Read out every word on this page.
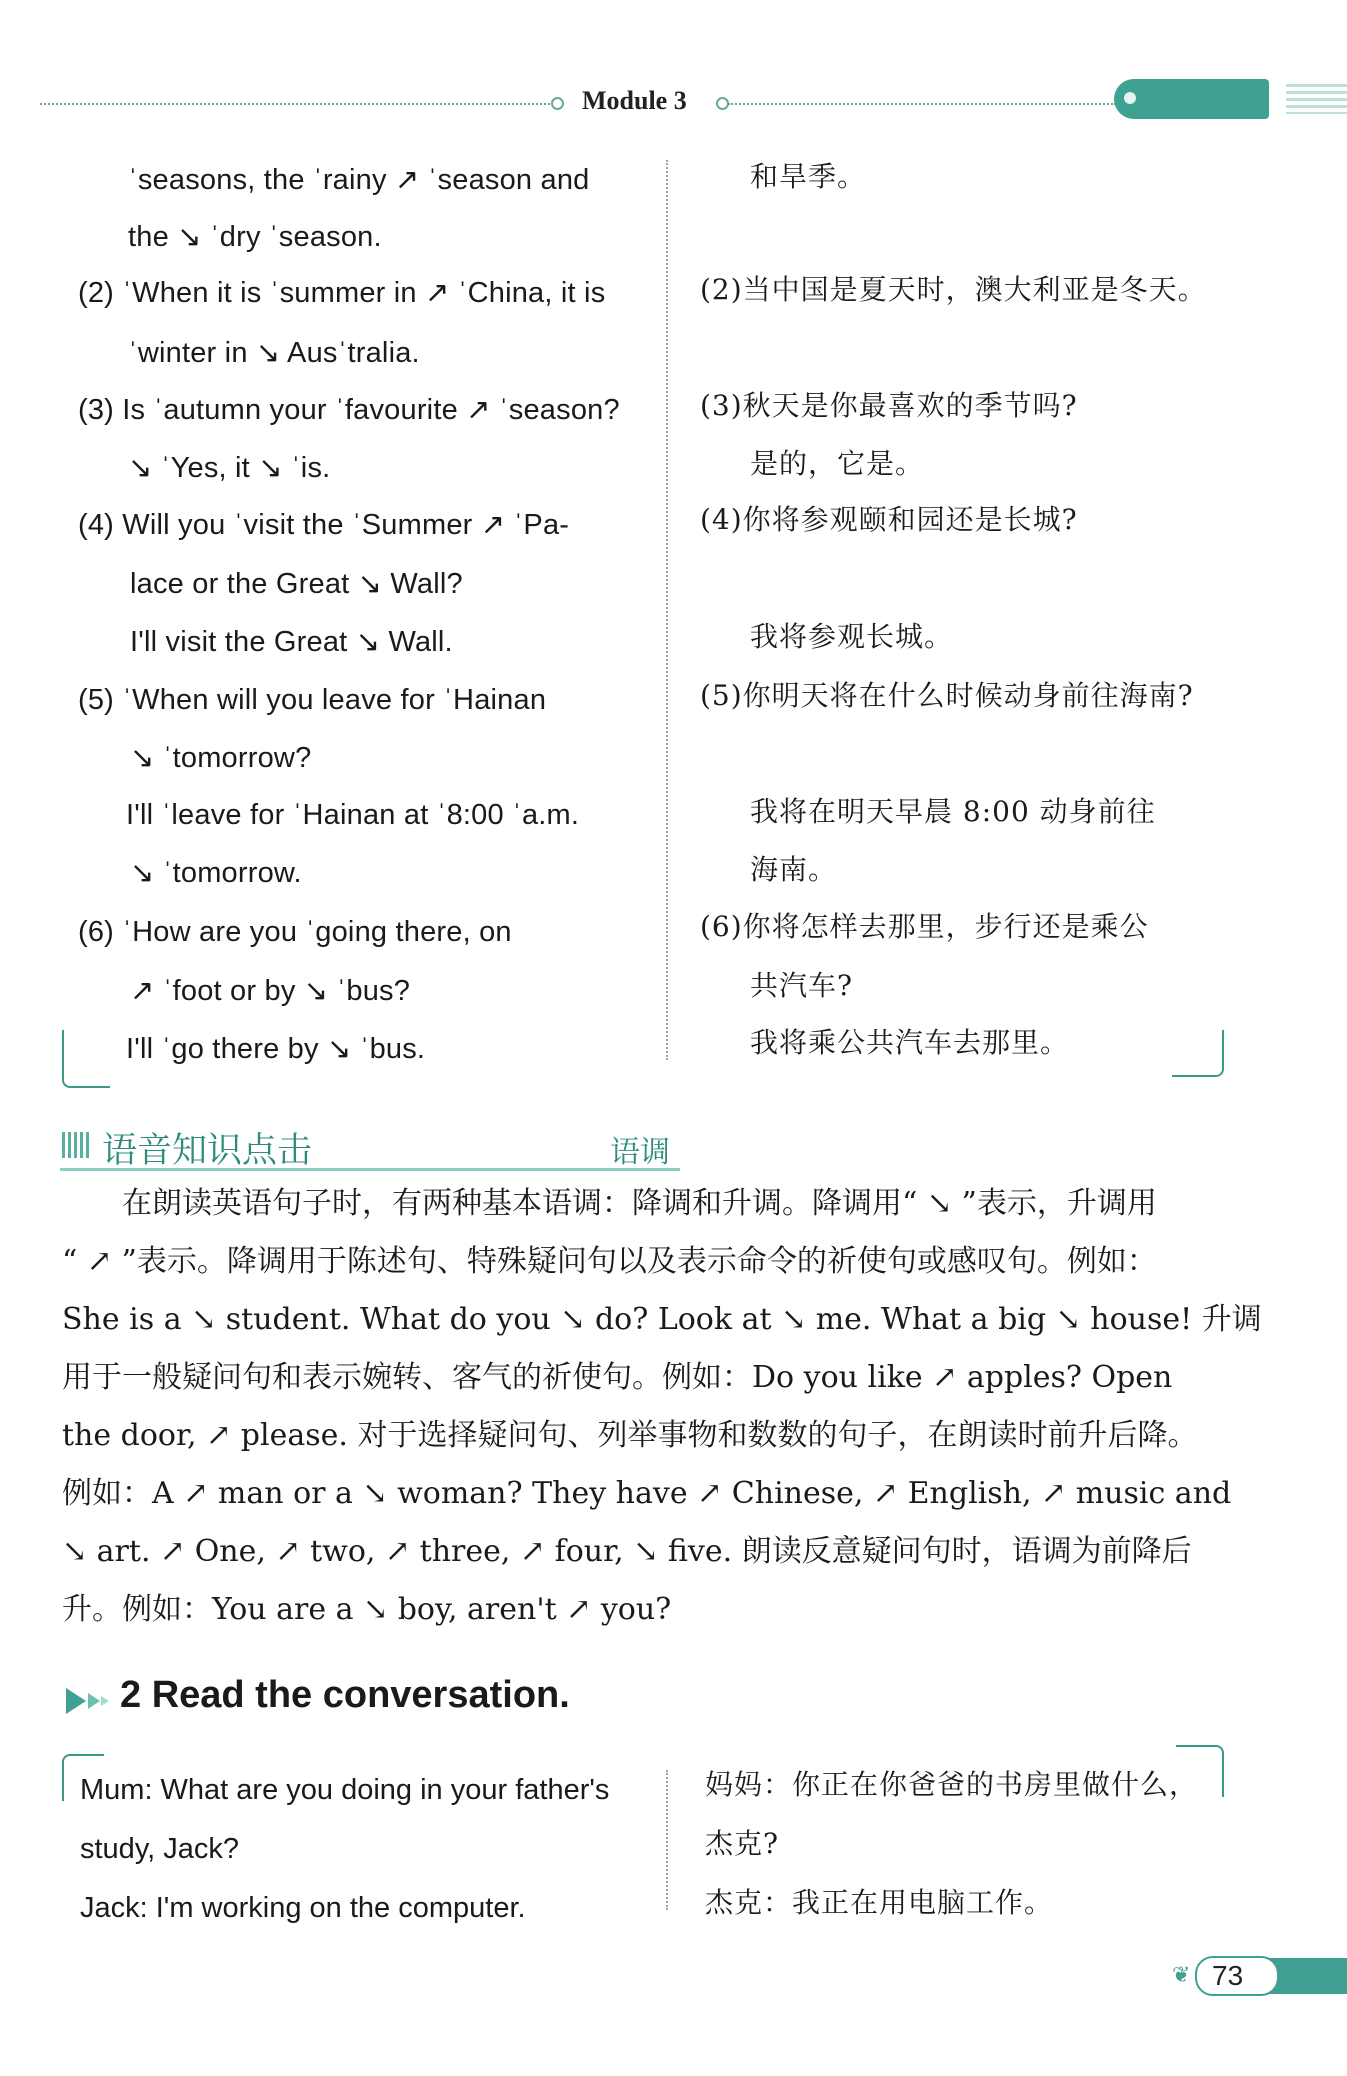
Module 3
ˈseasons, the ˈrainy ↗ ˈseason and	和旱季。
the ↘ ˈdry ˈseason.
(2) ˈWhen it is ˈsummer in ↗ ˈChina, it is	(2)当中国是夏天时，澳大利亚是冬天。
ˈwinter in ↘ Ausˈtralia.
(3) Is ˈautumn your ˈfavourite ↗ ˈseason?	(3)秋天是你最喜欢的季节吗?
↘ ˈYes, it ↘ ˈis.	是的，它是。
(4) Will you ˈvisit the ˈSummer ↗ ˈPa-	(4)你将参观颐和园还是长城?
lace or the Great ↘ Wall?
I'll visit the Great ↘ Wall.	我将参观长城。
(5) ˈWhen will you leave for ˈHainan	(5)你明天将在什么时候动身前往海南?
↘ ˈtomorrow?
I'll ˈleave for ˈHainan at ˈ8:00 ˈa.m.	我将在明天早晨 8:00 动身前往
↘ ˈtomorrow.	海南。
(6) ˈHow are you ˈgoing there, on	(6)你将怎样去那里，步行还是乘公
↗ ˈfoot or by ↘ ˈbus?	共汽车?
I'll ˈgo there by ↘ ˈbus.	我将乘公共汽车去那里。
语音知识点击	语调
　　在朗读英语句子时，有两种基本语调：降调和升调。降调用“ ↘ ”表示，升调用
“ ↗ ”表示。降调用于陈述句、特殊疑问句以及表示命令的祈使句或感叹句。例如：
She is a ↘ student. What do you ↘ do? Look at ↘ me. What a big ↘ house! 升调
用于一般疑问句和表示婉转、客气的祈使句。例如：Do you like ↗ apples? Open
the door, ↗ please. 对于选择疑问句、列举事物和数数的句子，在朗读时前升后降。
例如：A ↗ man or a ↘ woman? They have ↗ Chinese, ↗ English, ↗ music and
↘ art. ↗ One, ↗ two, ↗ three, ↗ four, ↘ five. 朗读反意疑问句时，语调为前降后
升。例如：You are a ↘ boy, aren't ↗ you?
2 Read the conversation.
Mum: What are you doing in your father's	妈妈：你正在你爸爸的书房里做什么，
study, Jack?	杰克?
Jack: I'm working on the computer.	杰克：我正在用电脑工作。
❦ 73
